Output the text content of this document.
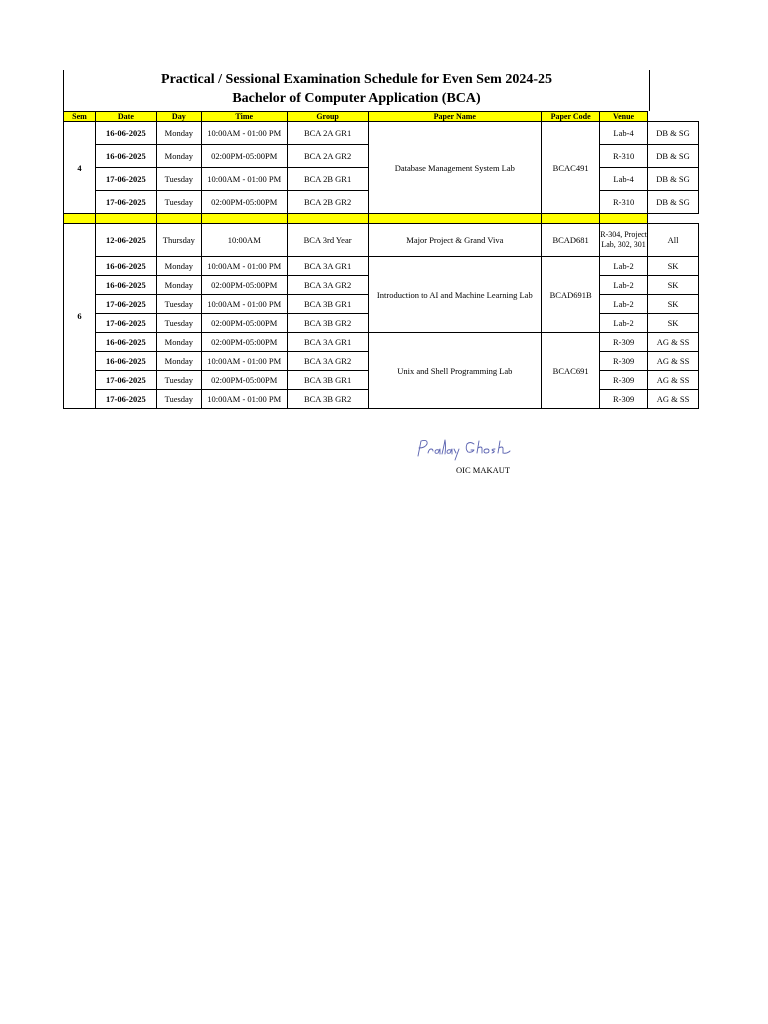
Practical / Sessional Examination Schedule for Even Sem 2024-25
Bachelor of Computer Application (BCA)
Sem	Date	Day	Time	Group	Paper Name	Paper Code	Venue	
4	16-06-2025	Monday	10:00AM - 01:00 PM	BCA 2A GR1	Database Management System Lab	BCAC491	Lab-4	DB & SG
	16-06-2025	Monday	02:00PM-05:00PM	BCA 2A GR2			R-310	DB & SG
	17-06-2025	Tuesday	10:00AM - 01:00 PM	BCA 2B GR1			Lab-4	DB & SG
	17-06-2025	Tuesday	02:00PM-05:00PM	BCA 2B GR2			R-310	DB & SG

6	12-06-2025	Thursday	10:00AM	BCA 3rd Year	Major Project & Grand Viva	BCAD681	R-304, Project Lab, 302, 301	All
	16-06-2025	Monday	10:00AM - 01:00 PM	BCA 3A GR1	Introduction to AI and Machine Learning Lab	BCAD691B	Lab-2	SK
	16-06-2025	Monday	02:00PM-05:00PM	BCA 3A GR2			Lab-2	SK
	17-06-2025	Tuesday	10:00AM - 01:00 PM	BCA 3B GR1			Lab-2	SK
	17-06-2025	Tuesday	02:00PM-05:00PM	BCA 3B GR2			Lab-2	SK
	16-06-2025	Monday	02:00PM-05:00PM	BCA 3A GR1	Unix and Shell Programming Lab	BCAC691	R-309	AG & SS
	16-06-2025	Monday	10:00AM - 01:00 PM	BCA 3A GR2			R-309	AG & SS
	17-06-2025	Tuesday	02:00PM-05:00PM	BCA 3B GR1			R-309	AG & SS
	17-06-2025	Tuesday	10:00AM - 01:00 PM	BCA 3B GR2			R-309	AG & SS
OIC MAKAUT
